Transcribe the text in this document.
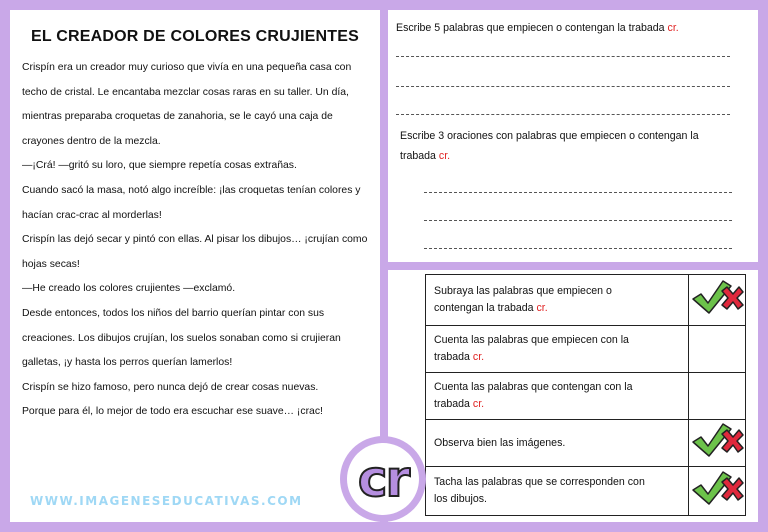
EL CREADOR DE COLORES CRUJIENTES

Crispín era un creador muy curioso que vivía en una pequeña casa con

techo de cristal. Le encantaba mezclar cosas raras en su taller. Un día,

mientras preparaba croquetas de zanahoria, se le cayó una caja de

crayones dentro de la mezcla.

—¡Crá! —gritó su loro, que siempre repetía cosas extrañas.

Cuando sacó la masa, notó algo increíble: ¡las croquetas tenían colores y

hacían crac-crac al morderlas!

Crispín las dejó secar y pintó con ellas. Al pisar los dibujos… ¡crujían como

hojas secas!

—He creado los colores crujientes —exclamó.

Desde entonces, todos los niños del barrio querían pintar con sus

creaciones. Los dibujos crujían, los suelos sonaban como si crujieran

galletas, ¡y hasta los perros querían lamerlos!

Crispín se hizo famoso, pero nunca dejó de crear cosas nuevas.

Porque para él, lo mejor de todo era escuchar ese suave… ¡crac!

Escribe 5 palabras que empiecen o contengan la trabada cr.
Escribe 3 oraciones con palabras que empiecen o contengan la
trabada cr.
Subraya las palabras que empiecen o
contengan la trabada cr.

Cuenta las palabras que empiecen con la
trabada cr.	

Cuenta las palabras que contengan con la
trabada cr.	

Observa bien las imágenes.

Tacha las palabras que se corresponden con
los dibujos.

WWW.IMAGENESEDUCATIVAS.COM cr
